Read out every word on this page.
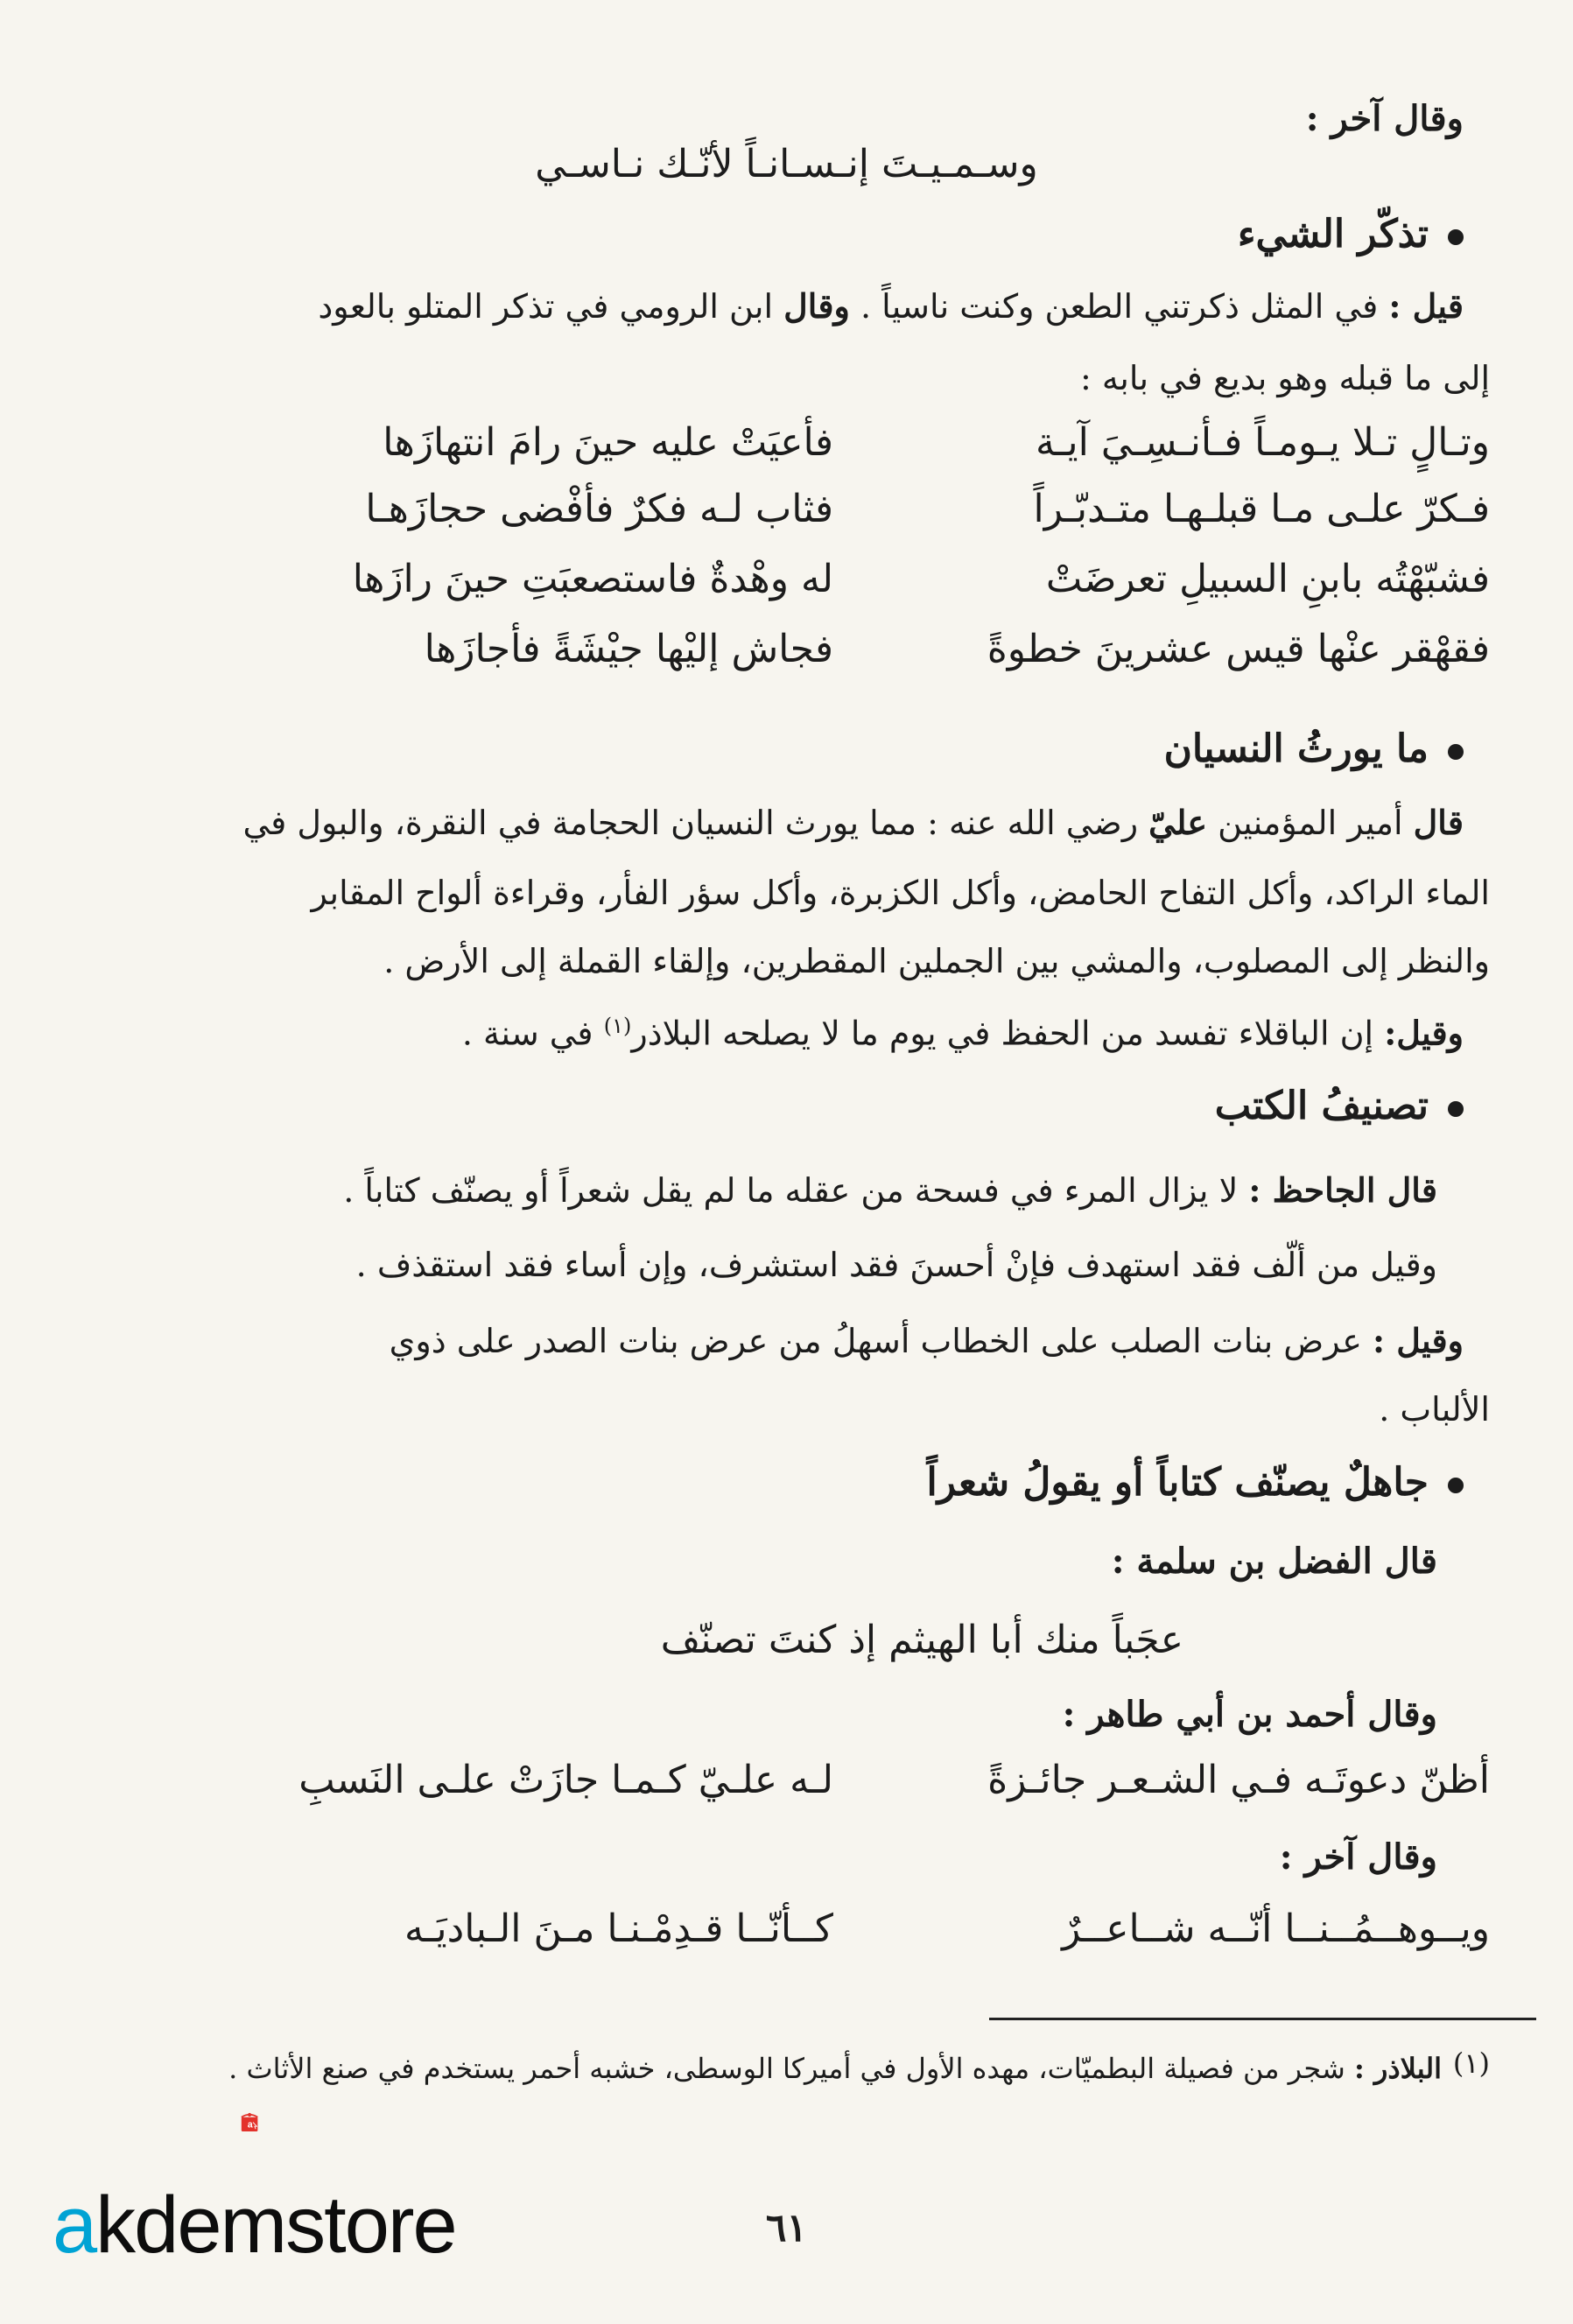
وقال آخر :
وسـمـيـتَ إنـسـانـاً لأنّـك نـاسـي
تذكّر الشيء
قيل : في المثل ذكرتني الطعن وكنت ناسياً . وقال ابن الرومي في تذكر المتلو بالعود
إلى ما قبله وهو بديع في بابه :
وتـالٍ تـلا يـومـاً فـأنـسِـيَ آيـة
فأعيَتْ عليه حينَ رامَ انتهازَها
فـكرّ علـى مـا قبلـهـا متـدبّـراً
فثاب لـه فكرٌ فأفْضى حجازَهـا
فشبّهْتُه بابنِ السبيلِ تعرضَتْ
له وهْدةٌ فاستصعبَتِ حينَ رازَها
فقهْقر عنْها قيس عشرينَ خطوةً
فجاش إليْها جيْشَةً فأجازَها
ما يورثُ النسيان
قال أمير المؤمنين عليّ رضي الله عنه : مما يورث النسيان الحجامة في النقرة، والبول في
الماء الراكد، وأكل التفاح الحامض، وأكل الكزبرة، وأكل سؤر الفأر، وقراءة ألواح المقابر
والنظر إلى المصلوب، والمشي بين الجملين المقطرين، وإلقاء القملة إلى الأرض .
وقيل: إن الباقلاء تفسد من الحفظ في يوم ما لا يصلحه البلاذر$^{(١)}$ في سنة .
تصنيفُ الكتب
قال الجاحظ : لا يزال المرء في فسحة من عقله ما لم يقل شعراً أو يصنّف كتاباً .
وقيل من ألّف فقد استهدف فإنْ أحسنَ فقد استشرف، وإن أساء فقد استقذف .
وقيل : عرض بنات الصلب على الخطاب أسهلُ من عرض بنات الصدر على ذوي
الألباب .
جاهلٌ يصنّف كتاباً أو يقولُ شعراً
قال الفضل بن سلمة :
عجَباً منك أبا الهيثم إذ كنتَ تصنّف
وقال أحمد بن أبي طاهر :
أظنّ دعوتَـه فـي الشـعـر جائـزةً
لـه علـيّ كـمـا جازَتْ علـى النَسبِ
وقال آخر :
ويــوهــمُــنــا أنّــه شــاعــرٌ
كــأنّــا قـدِمْـنـا مـنَ الـباديَـه
(١)
البلاذر : شجر من فصيلة البطميّات، مهده الأول في أميركا الوسطى، خشبه أحمر يستخدم في صنع الأثاث .
٦١
a
akdemstore
